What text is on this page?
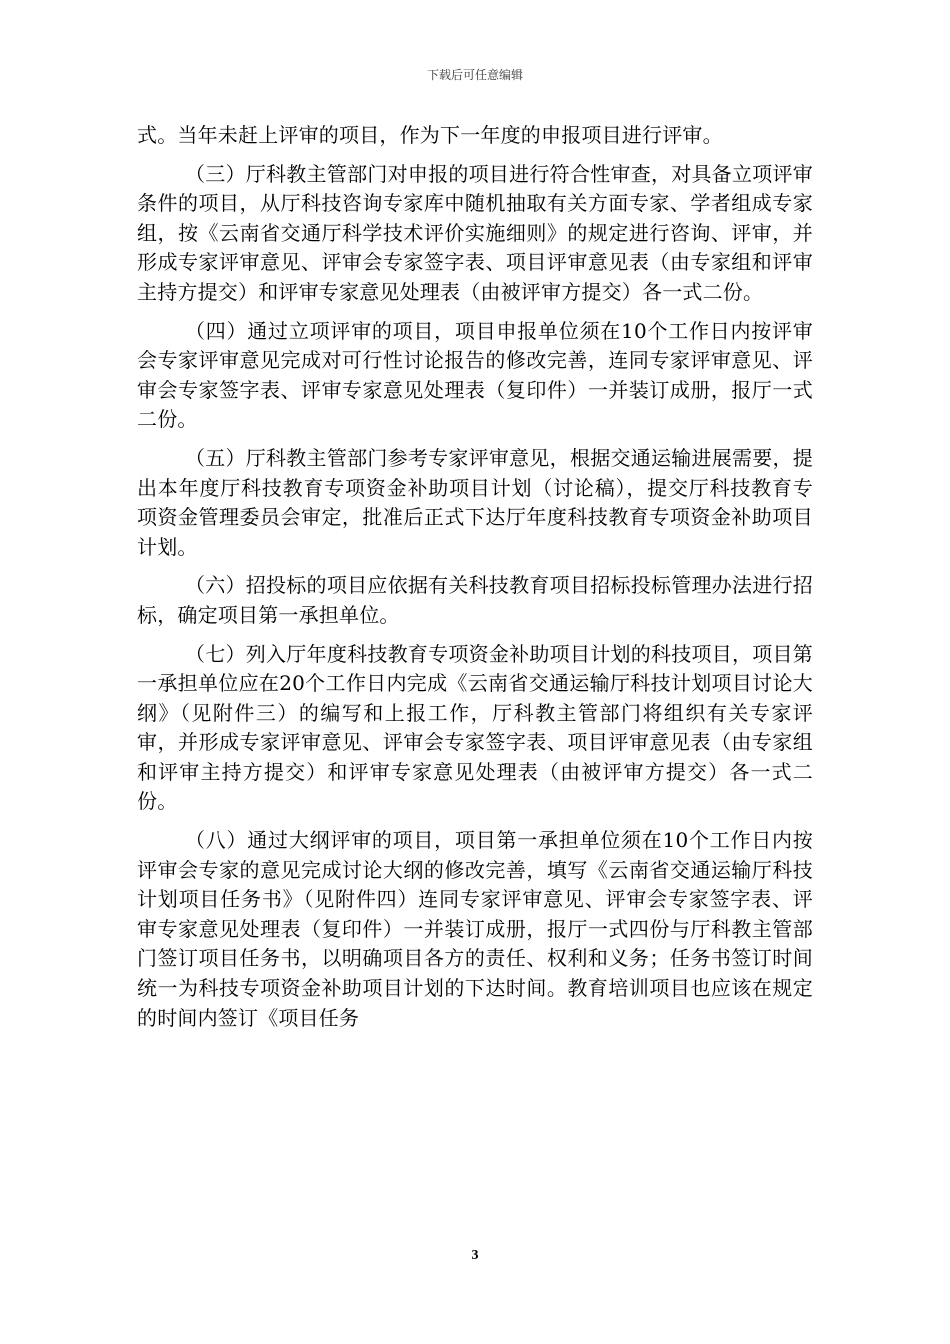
下载后可任意编辑

式。当年未赶上评审的项目，作为下一年度的申报项目进行评审。

（三）厅科教主管部门对申报的项目进行符合性审查，对具备立项评审条件的项目，从厅科技咨询专家库中随机抽取有关方面专家、学者组成专家组，按《云南省交通厅科学技术评价实施细则》的规定进行咨询、评审，并形成专家评审意见、评审会专家签字表、项目评审意见表（由专家组和评审主持方提交）和评审专家意见处理表（由被评审方提交）各一式二份。

（四）通过立项评审的项目，项目申报单位须在10个工作日内按评审会专家评审意见完成对可行性讨论报告的修改完善，连同专家评审意见、评审会专家签字表、评审专家意见处理表（复印件）一并装订成册，报厅一式二份。

（五）厅科教主管部门参考专家评审意见，根据交通运输进展需要，提出本年度厅科技教育专项资金补助项目计划（讨论稿），提交厅科技教育专项资金管理委员会审定，批准后正式下达厅年度科技教育专项资金补助项目计划。

（六）招投标的项目应依据有关科技教育项目招标投标管理办法进行招标，确定项目第一承担单位。

（七）列入厅年度科技教育专项资金补助项目计划的科技项目，项目第一承担单位应在20个工作日内完成《云南省交通运输厅科技计划项目讨论大纲》（见附件三）的编写和上报工作，厅科教主管部门将组织有关专家评审，并形成专家评审意见、评审会专家签字表、项目评审意见表（由专家组和评审主持方提交）和评审专家意见处理表（由被评审方提交）各一式二份。

（八）通过大纲评审的项目，项目第一承担单位须在10个工作日内按评审会专家的意见完成讨论大纲的修改完善，填写《云南省交通运输厅科技计划项目任务书》（见附件四）连同专家评审意见、评审会专家签字表、评审专家意见处理表（复印件）一并装订成册，报厅一式四份与厅科教主管部门签订项目任务书，以明确项目各方的责任、权利和义务；任务书签订时间统一为科技专项资金补助项目计划的下达时间。教育培训项目也应该在规定的时间内签订《项目任务

3
